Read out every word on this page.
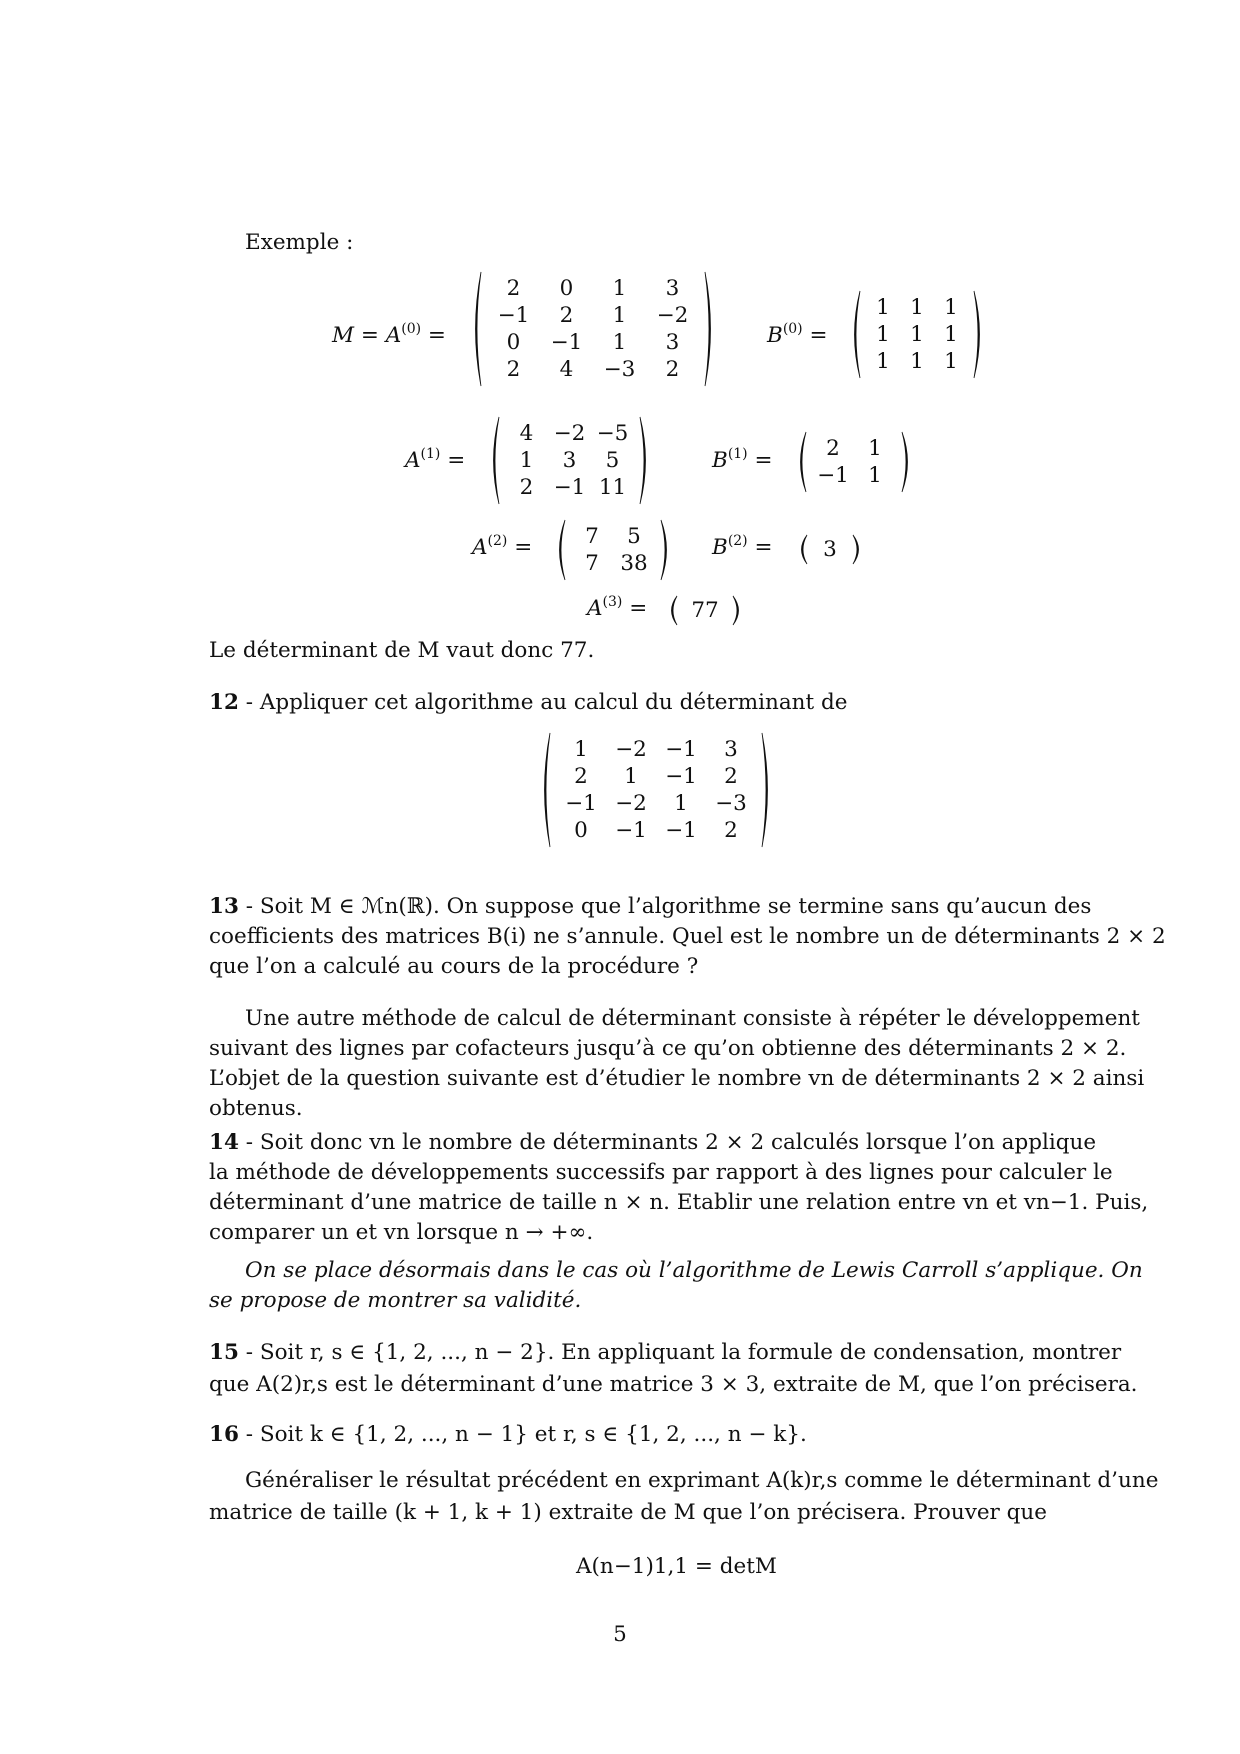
Exemple :
$M = A^{(0)}$ =
2	0	1	3
−1	2	1	−2
0	−1	1	3
2	4	−3	2
$B^{(0)}$ =
1 1 1
1 1 1
1 1 1
$A^{(1)}$ =
4 −2 −5
1	3	5
2 −1 11
$B^{(1)}$ =	2	1
−1 1
$A^{(2)}$ =	7	5
7 38
$B^{(2)}$ =	3
$A^{(3)}$ =	77
Le déterminant de M vaut donc 77.
12 - Appliquer cet algorithme au calcul du déterminant de
1	−2 −1	3
2	1	−1	2
−1 −2	1	−3
0	−1 −1	2
13 - Soit M ∈ ℳn(ℝ). On suppose que l’algorithme se termine sans qu’aucun des
coefficients des matrices B(i) ne s’annule. Quel est le nombre un de déterminants 2 × 2
que l’on a calculé au cours de la procédure ?
Une autre méthode de calcul de déterminant consiste à répéter le développement
suivant des lignes par cofacteurs jusqu’à ce qu’on obtienne des déterminants 2 × 2.
L’objet de la question suivante est d’étudier le nombre vn de déterminants 2 × 2 ainsi
obtenus.
14 - Soit donc vn le nombre de déterminants 2 × 2 calculés lorsque l’on applique
la méthode de développements successifs par rapport à des lignes pour calculer le
déterminant d’une matrice de taille n × n. Etablir une relation entre vn et vn−1. Puis,
comparer un et vn lorsque n → +∞.
On se place désormais dans le cas où l’algorithme de Lewis Carroll s’applique. On
se propose de montrer sa validité.
15 - Soit r, s ∈ {1, 2, ..., n − 2}. En appliquant la formule de condensation, montrer
que A(2)r,s est le déterminant d’une matrice 3 × 3, extraite de M, que l’on précisera.
16 - Soit k ∈ {1, 2, ..., n − 1} et r, s ∈ {1, 2, ..., n − k}.
Généraliser le résultat précédent en exprimant A(k)r,s comme le déterminant d’une
matrice de taille (k + 1, k + 1) extraite de M que l’on précisera. Prouver que
A(n−1)1,1 = detM
5
